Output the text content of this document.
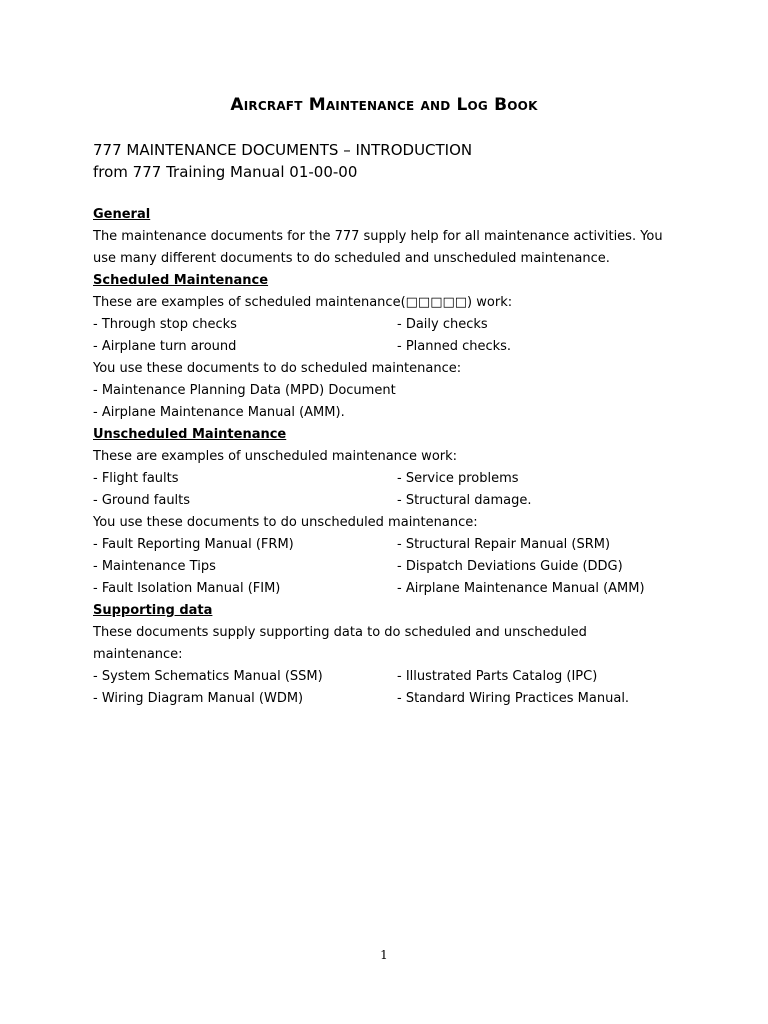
Aircraft Maintenance and Log Book
777 MAINTENANCE DOCUMENTS – INTRODUCTION
from 777 Training Manual 01-00-00
General
The maintenance documents for the 777 supply help for all maintenance activities. You
use many different documents to do scheduled and unscheduled maintenance.
Scheduled Maintenance
These are examples of scheduled maintenance(□□□□□) work:
- Through stop checks	- Daily checks
- Airplane turn around	- Planned checks.
You use these documents to do scheduled maintenance:
- Maintenance Planning Data (MPD) Document
- Airplane Maintenance Manual (AMM).
Unscheduled Maintenance
These are examples of unscheduled maintenance work:
- Flight faults	- Service problems
- Ground faults	- Structural damage.
You use these documents to do unscheduled maintenance:
- Fault Reporting Manual (FRM)	- Structural Repair Manual (SRM)
- Maintenance Tips	- Dispatch Deviations Guide (DDG)
- Fault Isolation Manual (FIM)	- Airplane Maintenance Manual (AMM)
Supporting data
These documents supply supporting data to do scheduled and unscheduled
maintenance:
- System Schematics Manual (SSM)	- Illustrated Parts Catalog (IPC)
- Wiring Diagram Manual (WDM)	- Standard Wiring Practices Manual.
1
